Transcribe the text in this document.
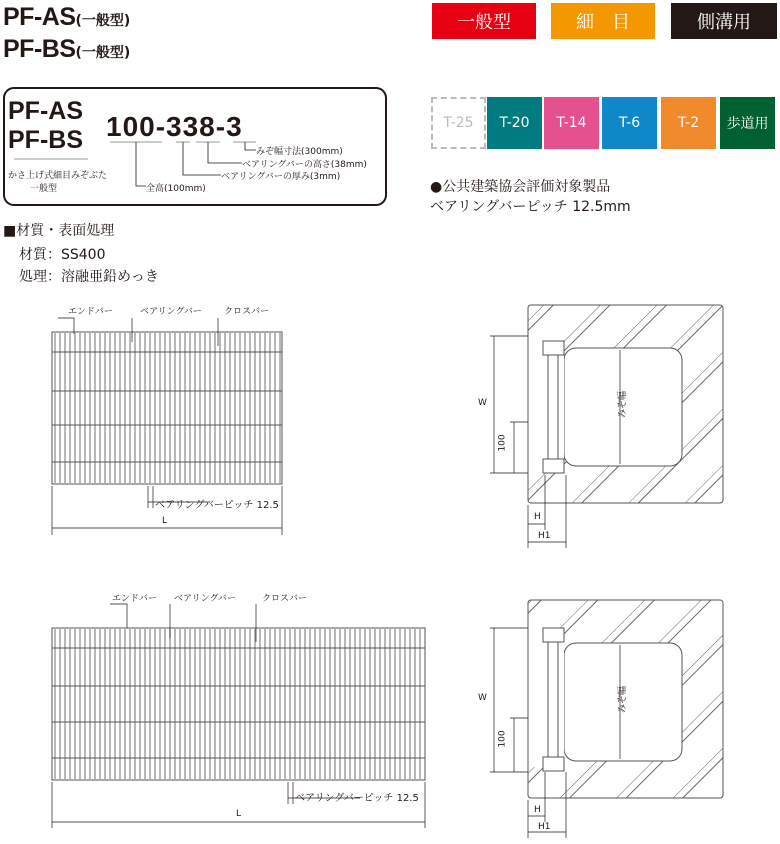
PF-AS(一般型)
PF-BS(一般型)
一般型	細　目	側溝用
PF-AS
PF-BS 100-338-3
かさ上げ式細目みぞぶた
一般型
みぞ幅寸法(300mm)
ベアリングバーの高さ(38mm)
ベアリングバーの厚み(3mm)
全高(100mm)
T-25	T-20	T-14	T-6	T-2	歩道用
●公共建築協会評価対象製品
ベアリングバーピッチ 12.5mm
■材質・表面処理
材質：SS400
処理：溶融亜鉛めっき
エンドバー	ベアリングバー クロスバー
ベアリングバーピッチ 12.5
L
W
100
みぞ幅
H
H1
エンドバー ベアリングバー	クロスバー
ベアリングバーピッチ 12.5
L
W
100
みぞ幅
H
H1
